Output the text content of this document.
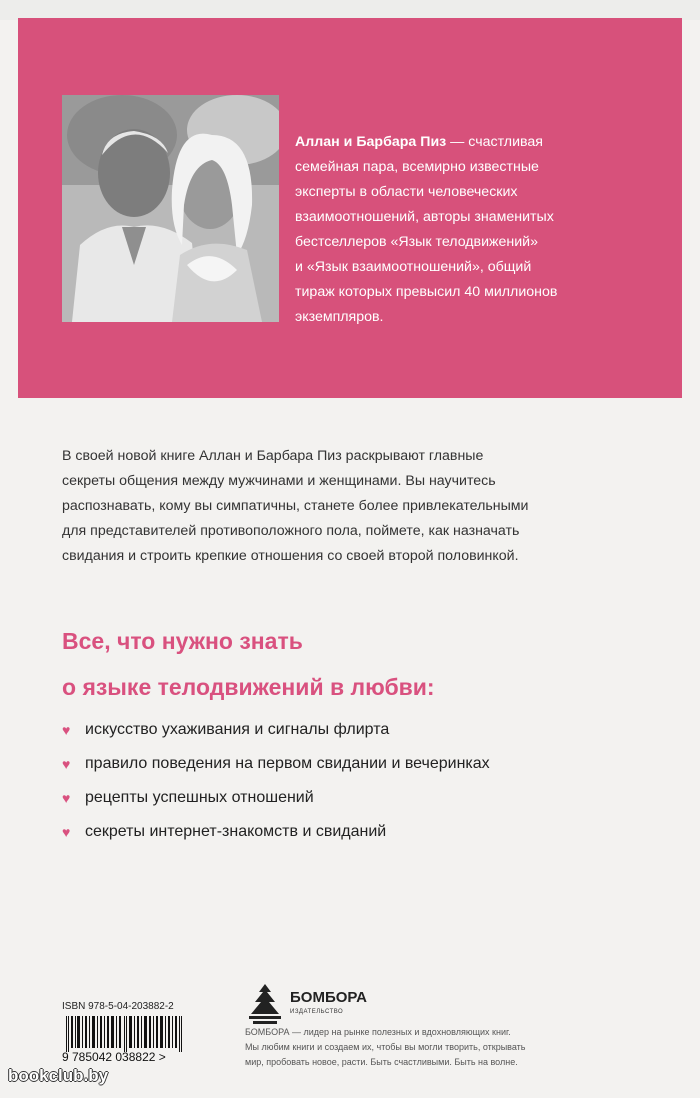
Аллан и Барбара Пиз — счастливая
семейная пара, всемирно известные
эксперты в области человеческих
взаимоотношений, авторы знаменитых
бестселлеров «Язык телодвижений»
и «Язык взаимоотношений», общий
тираж которых превысил 40 миллионов
экземпляров.
В своей новой книге Аллан и Барбара Пиз раскрывают главные
секреты общения между мужчинами и женщинами. Вы научитесь
распознавать, кому вы симпатичны, станете более привлекательными
для представителей противоположного пола, поймете, как назначать
свидания и строить крепкие отношения со своей второй половинкой.
Все, что нужно знать
о языке телодвижений в любви:
♥ искусство ухаживания и сигналы флирта
♥ правило поведения на первом свидании и вечеринках
♥ рецепты успешных отношений
♥ секреты интернет-знакомств и свиданий
ISBN 978-5-04-203882-2
9 785042 038822 >
БОМБОРА
ИЗДАТЕЛЬСТВО
БОМБОРА — лидер на рынке полезных и вдохновляющих книг.
Мы любим книги и создаем их, чтобы вы могли творить, открывать
мир, пробовать новое, расти. Быть счастливыми. Быть на волне.
bookclub.by
